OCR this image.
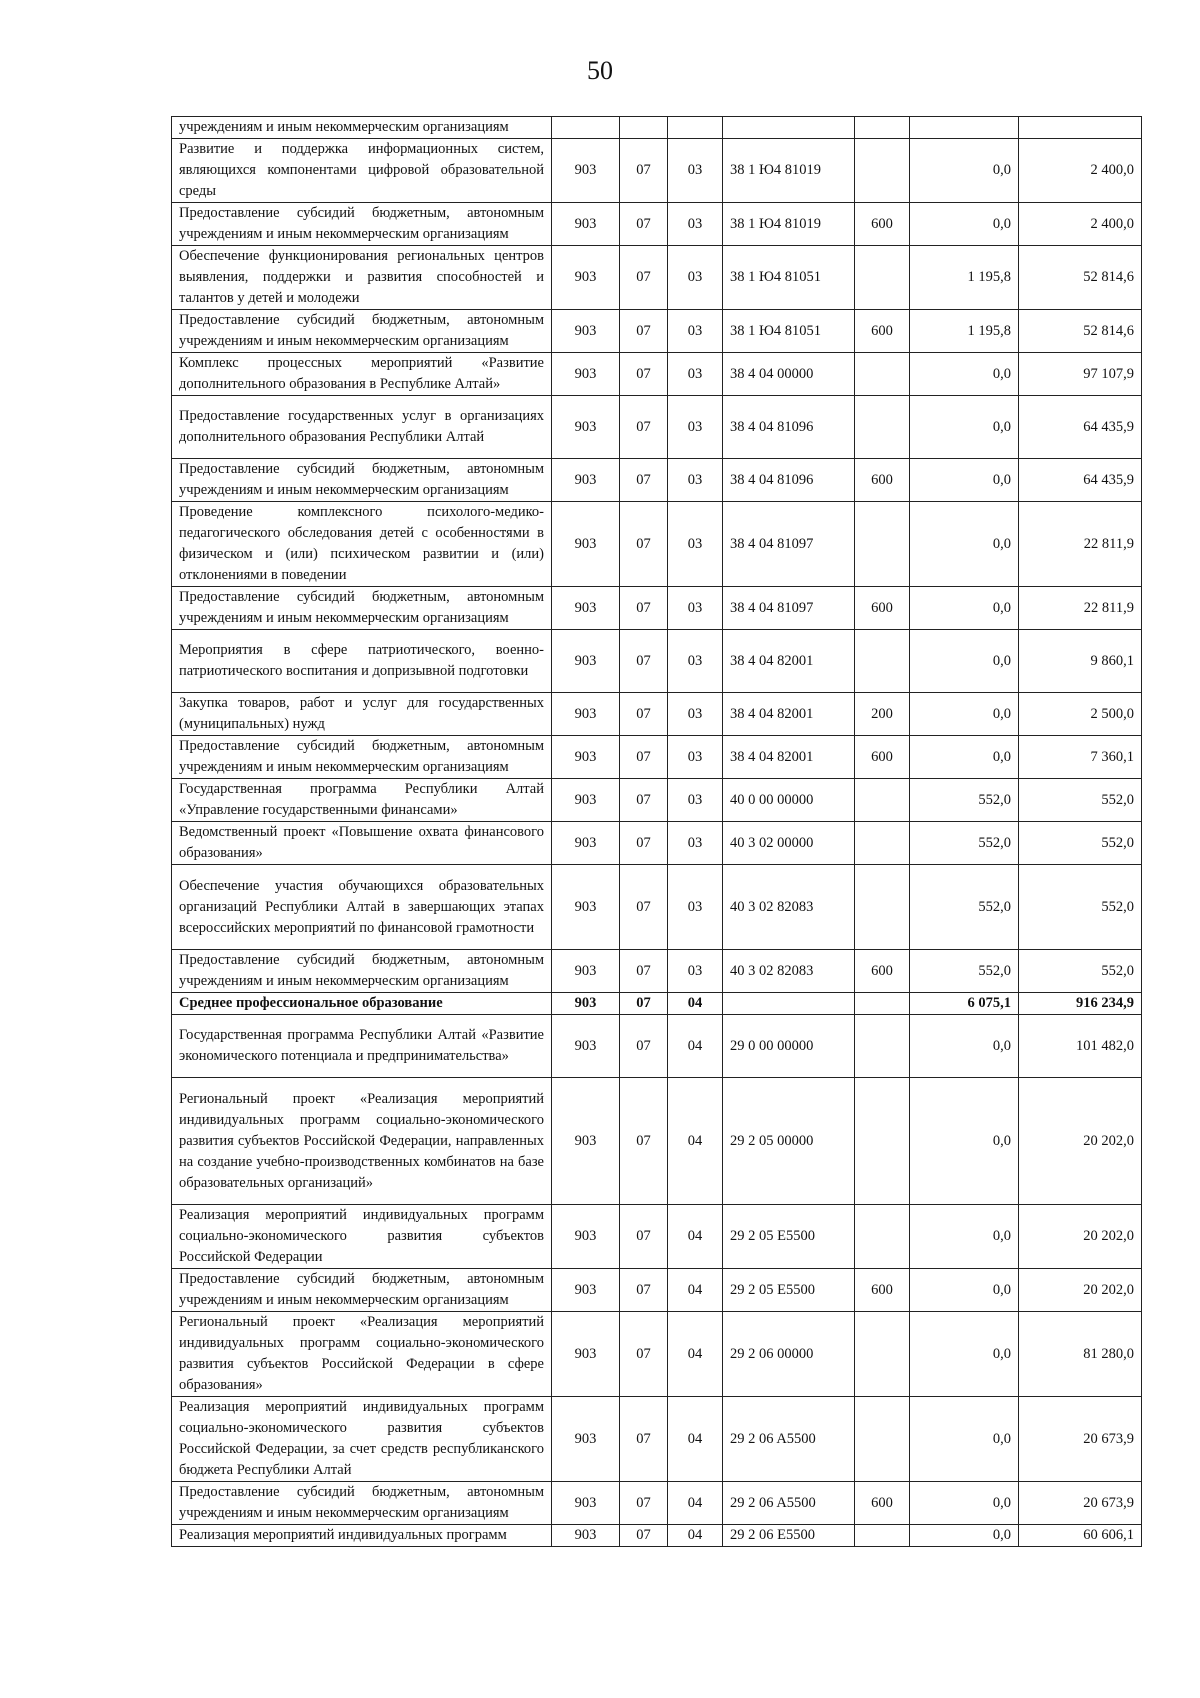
50
учреждениям и иным некоммерческим организациям							
Развитие и поддержка информационных систем, являющихся компонентами цифровой образовательной среды	903	07	03	38 1 Ю4 81019		0,0	2 400,0
Предоставление субсидий бюджетным, автономным учреждениям и иным некоммерческим организациям	903	07	03	38 1 Ю4 81019	600	0,0	2 400,0
Обеспечение функционирования региональных центров выявления, поддержки и развития способностей и талантов у детей и молодежи	903	07	03	38 1 Ю4 81051		1 195,8	52 814,6
Предоставление субсидий бюджетным, автономным учреждениям и иным некоммерческим организациям	903	07	03	38 1 Ю4 81051	600	1 195,8	52 814,6
Комплекс процессных мероприятий «Развитие дополнительного образования в Республике Алтай»	903	07	03	38 4 04 00000		0,0	97 107,9
Предоставление государственных услуг в организациях дополнительного образования Республики Алтай	903	07	03	38 4 04 81096		0,0	64 435,9
Предоставление субсидий бюджетным, автономным учреждениям и иным некоммерческим организациям	903	07	03	38 4 04 81096	600	0,0	64 435,9
Проведение комплексного психолого-медико-педагогического обследования детей с особенностями в физическом и (или) психическом развитии и (или) отклонениями в поведении	903	07	03	38 4 04 81097		0,0	22 811,9
Предоставление субсидий бюджетным, автономным учреждениям и иным некоммерческим организациям	903	07	03	38 4 04 81097	600	0,0	22 811,9
Мероприятия в сфере патриотического, военно-патриотического воспитания и допризывной подготовки	903	07	03	38 4 04 82001		0,0	9 860,1
Закупка товаров, работ и услуг для государственных (муниципальных) нужд	903	07	03	38 4 04 82001	200	0,0	2 500,0
Предоставление субсидий бюджетным, автономным учреждениям и иным некоммерческим организациям	903	07	03	38 4 04 82001	600	0,0	7 360,1
Государственная программа Республики Алтай «Управление государственными финансами»	903	07	03	40 0 00 00000		552,0	552,0
Ведомственный проект «Повышение охвата финансового образования»	903	07	03	40 3 02 00000		552,0	552,0
Обеспечение участия обучающихся образовательных организаций Республики Алтай в завершающих этапах всероссийских мероприятий по финансовой грамотности	903	07	03	40 3 02 82083		552,0	552,0
Предоставление субсидий бюджетным, автономным учреждениям и иным некоммерческим организациям	903	07	03	40 3 02 82083	600	552,0	552,0
Среднее профессиональное образование	903	07	04			6 075,1	916 234,9
Государственная программа Республики Алтай «Развитие экономического потенциала и предпринимательства»	903	07	04	29 0 00 00000		0,0	101 482,0
Региональный проект «Реализация мероприятий индивидуальных программ социально-экономического развития субъектов Российской Федерации, направленных на создание учебно-производственных комбинатов на базе образовательных организаций»	903	07	04	29 2 05 00000		0,0	20 202,0
Реализация мероприятий индивидуальных программ социально-экономического развития субъектов Российской Федерации	903	07	04	29 2 05 E5500		0,0	20 202,0
Предоставление субсидий бюджетным, автономным учреждениям и иным некоммерческим организациям	903	07	04	29 2 05 E5500	600	0,0	20 202,0
Региональный проект «Реализация мероприятий индивидуальных программ социально-экономического развития субъектов Российской Федерации в сфере образования»	903	07	04	29 2 06 00000		0,0	81 280,0
Реализация мероприятий индивидуальных программ социально-экономического развития субъектов Российской Федерации, за счет средств республиканского бюджета Республики Алтай	903	07	04	29 2 06 A5500		0,0	20 673,9
Предоставление субсидий бюджетным, автономным учреждениям и иным некоммерческим организациям	903	07	04	29 2 06 A5500	600	0,0	20 673,9
Реализация мероприятий индивидуальных программ	903	07	04	29 2 06 E5500		0,0	60 606,1
